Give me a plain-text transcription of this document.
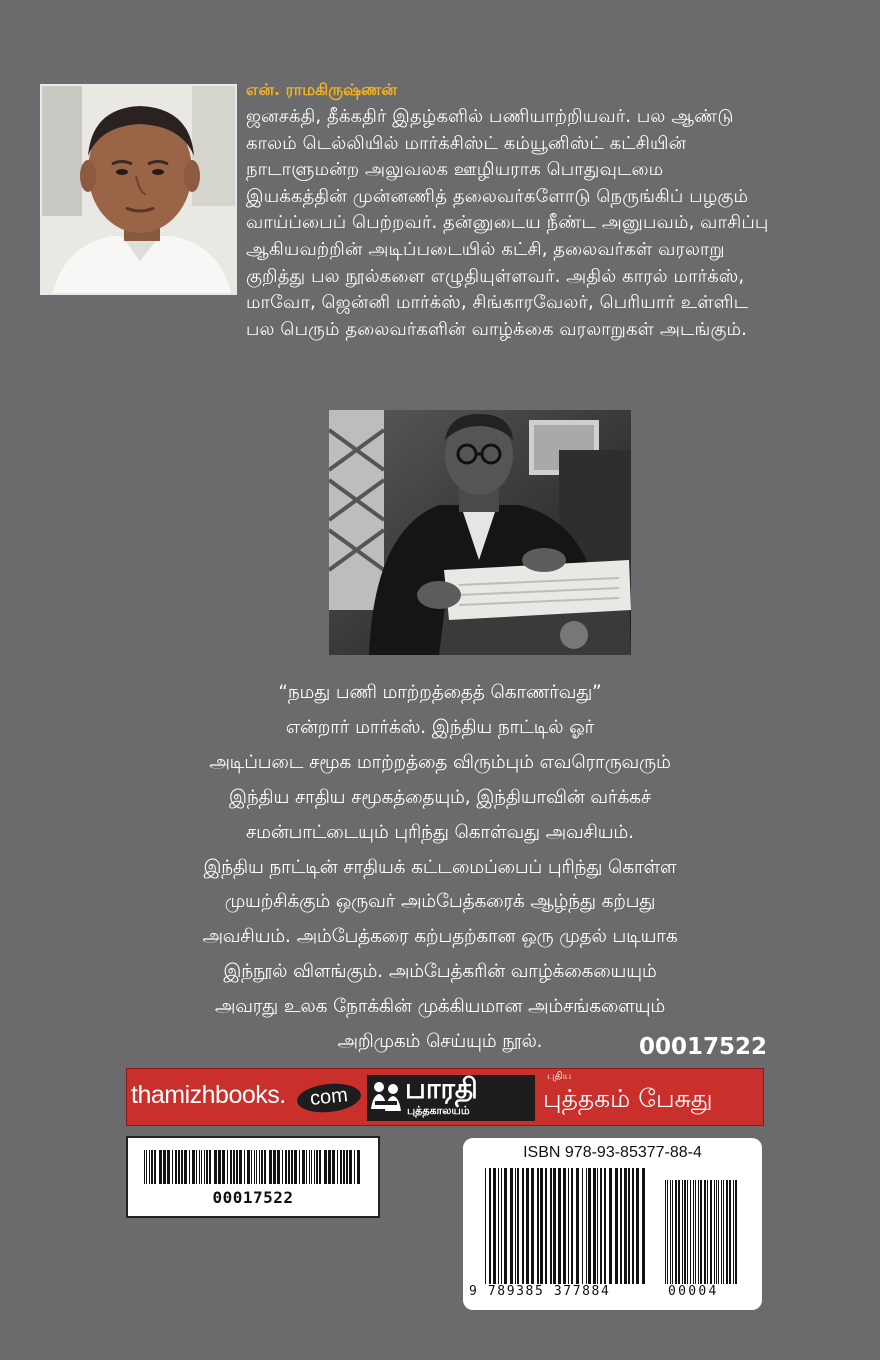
என். ராமகிருஷ்ணன்
ஜனசக்தி, தீக்கதிர் இதழ்களில் பணியாற்றியவர். பல ஆண்டு
காலம் டெல்லியில் மார்க்சிஸ்ட் கம்யூனிஸ்ட் கட்சியின்
நாடாளுமன்ற அலுவலக ஊழியராக பொதுவுடமை
இயக்கத்தின் முன்னணித் தலைவர்களோடு நெருங்கிப் பழகும்
வாய்ப்பைப் பெற்றவர். தன்னுடைய நீண்ட அனுபவம், வாசிப்பு
ஆகியவற்றின் அடிப்படையில் கட்சி, தலைவர்கள் வரலாறு
குறித்து பல நூல்களை எழுதியுள்ளவர். அதில் காரல் மார்க்ஸ்,
மாவோ, ஜென்னி மார்க்ஸ், சிங்காரவேலர், பெரியார் உள்ளிட
பல பெரும் தலைவர்களின் வாழ்க்கை வரலாறுகள் அடங்கும்.
“நமது பணி மாற்றத்தைத் கொணர்வது”
என்றார் மார்க்ஸ். இந்திய நாட்டில் ஓர்
அடிப்படை சமூக மாற்றத்தை விரும்பும் எவரொருவரும்
இந்திய சாதிய சமூகத்தையும், இந்தியாவின் வர்க்கச்
சமன்பாட்டையும் புரிந்து கொள்வது அவசியம்.
இந்திய நாட்டின் சாதியக் கட்டமைப்பைப் புரிந்து கொள்ள
முயற்சிக்கும் ஒருவர் அம்பேத்கரைக் ஆழ்ந்து கற்பது
அவசியம். அம்பேத்கரை கற்பதற்கான ஒரு முதல் படியாக
இந்நூல் விளங்கும். அம்பேத்கரின் வாழ்க்கையையும்
அவரது உலக நோக்கின் முக்கியமான அம்சங்களையும்
அறிமுகம் செய்யும் நூல்.	00017522
thamizhbooks.	com	பாரதி
புத்தகாலயம்
புதிய
புத்தகம் பேசுது
00017522
ISBN 978-93-85377-88-4
9 789385 377884	00004
